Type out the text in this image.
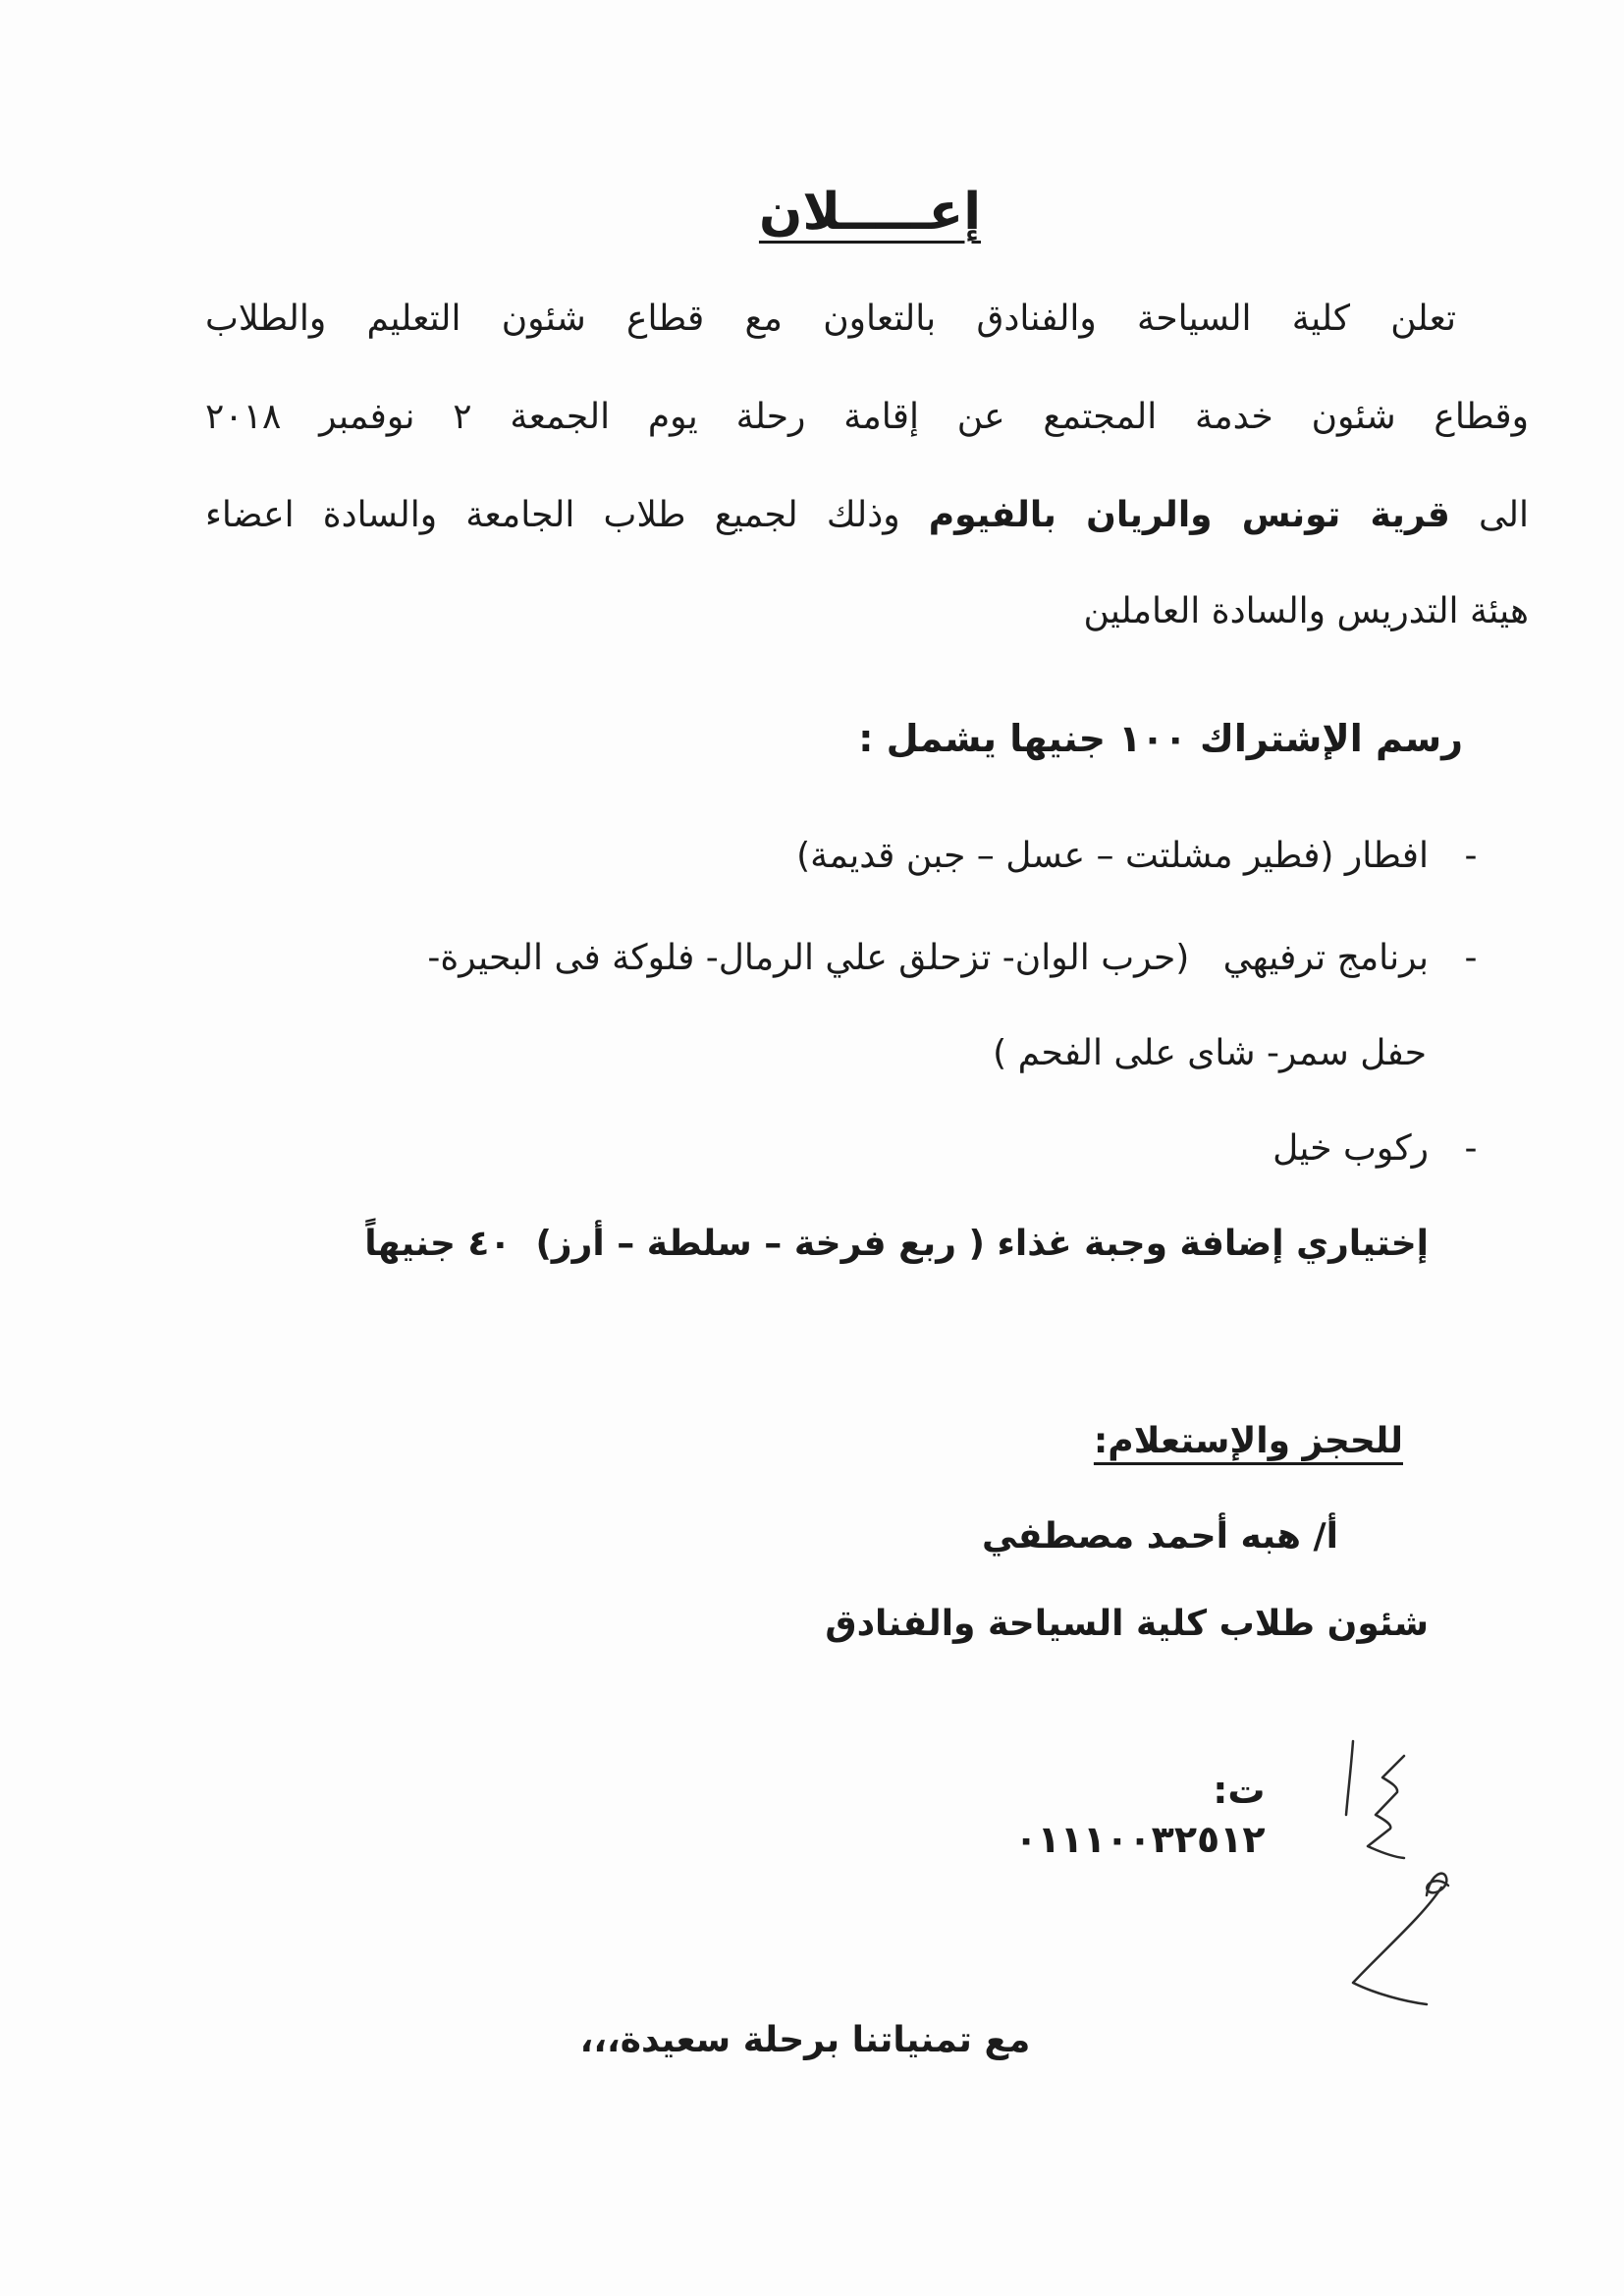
إعـــــلان
تعلن كلية السياحة والفنادق بالتعاون مع قطاع شئون التعليم والطلاب
وقطاع شئون خدمة المجتمع عن إقامة رحلة يوم الجمعة ٢ نوفمبر ٢٠١٨
الى قرية تونس والريان بالفيوم وذلك لجميع طلاب الجامعة والسادة اعضاء
هيئة التدريس والسادة العاملين
رسم الإشتراك ١٠٠ جنيها يشمل :
-
افطار (فطير مشلتت – عسل – جبن قديمة)
-
برنامج ترفيهي   (حرب الوان- تزحلق علي الرمال- فلوكة فى البحيرة-
حفل سمر- شاى على الفحم )
-
ركوب خيل
إختياري إضافة وجبة غذاء ( ربع فرخة – سلطة – أرز)  ٤٠ جنيهاً
للحجز والإستعلام:
أ/ هبه أحمد مصطفي
شئون طلاب كلية السياحة والفنادق

ت:
٠١١١٠٠٣٢٥١٢

مع تمنياتنا برحلة سعيدة،،،
